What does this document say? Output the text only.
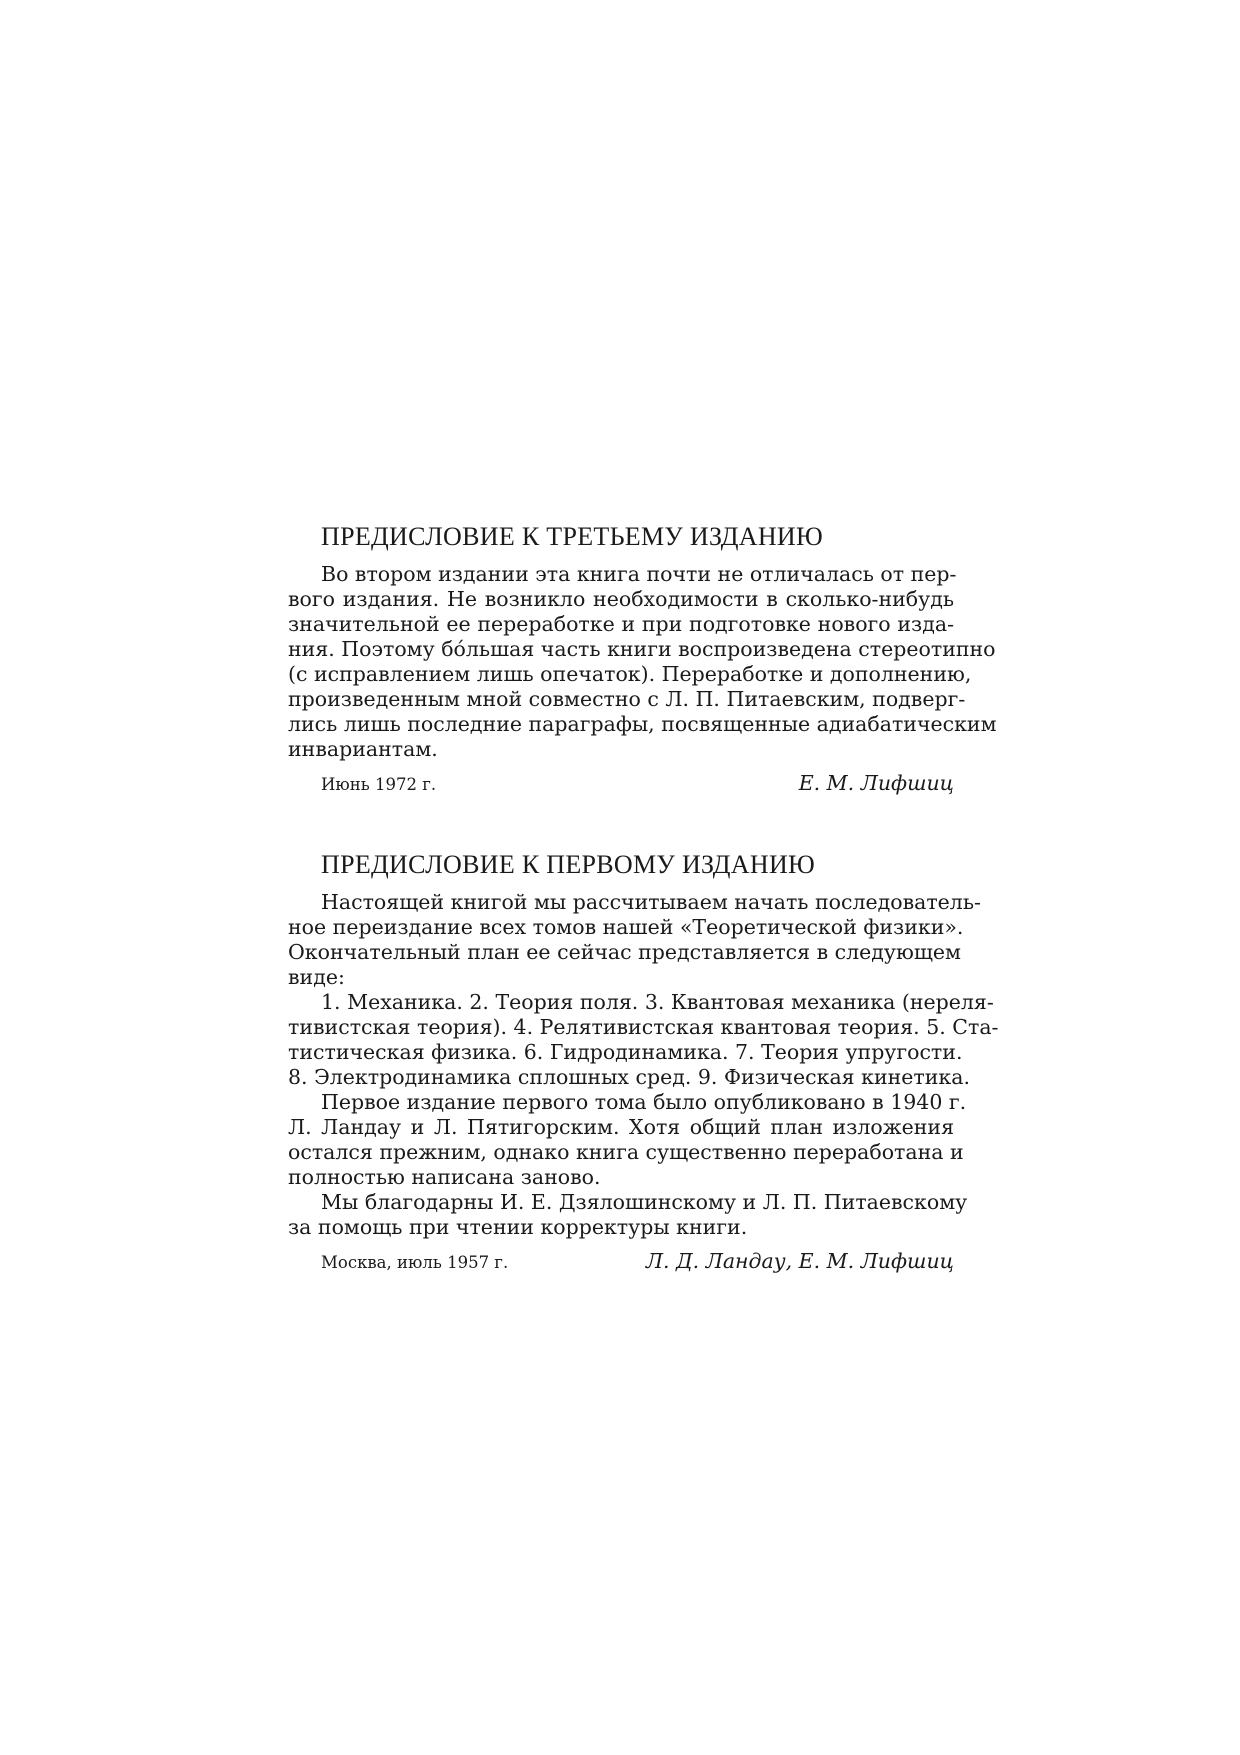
ПРЕДИСЛОВИЕ К ТРЕТЬЕМУ ИЗДАНИЮ
Во втором издании эта книга почти не отличалась от пер-
вого издания. Не возникло необходимости в сколько-нибудь
значительной ее переработке и при подготовке нового изда-
ния. Поэтому бо́льшая часть книги воспроизведена стереотипно
(с исправлением лишь опечаток). Переработке и дополнению,
произведенным мной совместно с Л. П. Питаевским, подверг-
лись лишь последние параграфы, посвященные адиабатическим
инвариантам.
Июнь 1972 г.	Е. М. Лифшиц
ПРЕДИСЛОВИЕ К ПЕРВОМУ ИЗДАНИЮ
Настоящей книгой мы рассчитываем начать последователь-
ное переиздание всех томов нашей «Теоретической физики».
Окончательный план ее сейчас представляется в следующем
виде:
1. Механика. 2. Теория поля. 3. Квантовая механика (нереля-
тивистская теория). 4. Релятивистская квантовая теория. 5. Ста-
тистическая физика. 6. Гидродинамика. 7. Теория упругости.
8. Электродинамика сплошных сред. 9. Физическая кинетика.
Первое издание первого тома было опубликовано в 1940 г.
Л. Ландау и Л. Пятигорским. Хотя общий план изложения
остался прежним, однако книга существенно переработана и
полностью написана заново.
Мы благодарны И. Е. Дзялошинскому и Л. П. Питаевскому
за помощь при чтении корректуры книги.
Москва, июль 1957 г.	Л. Д. Ландау, Е. М. Лифшиц
